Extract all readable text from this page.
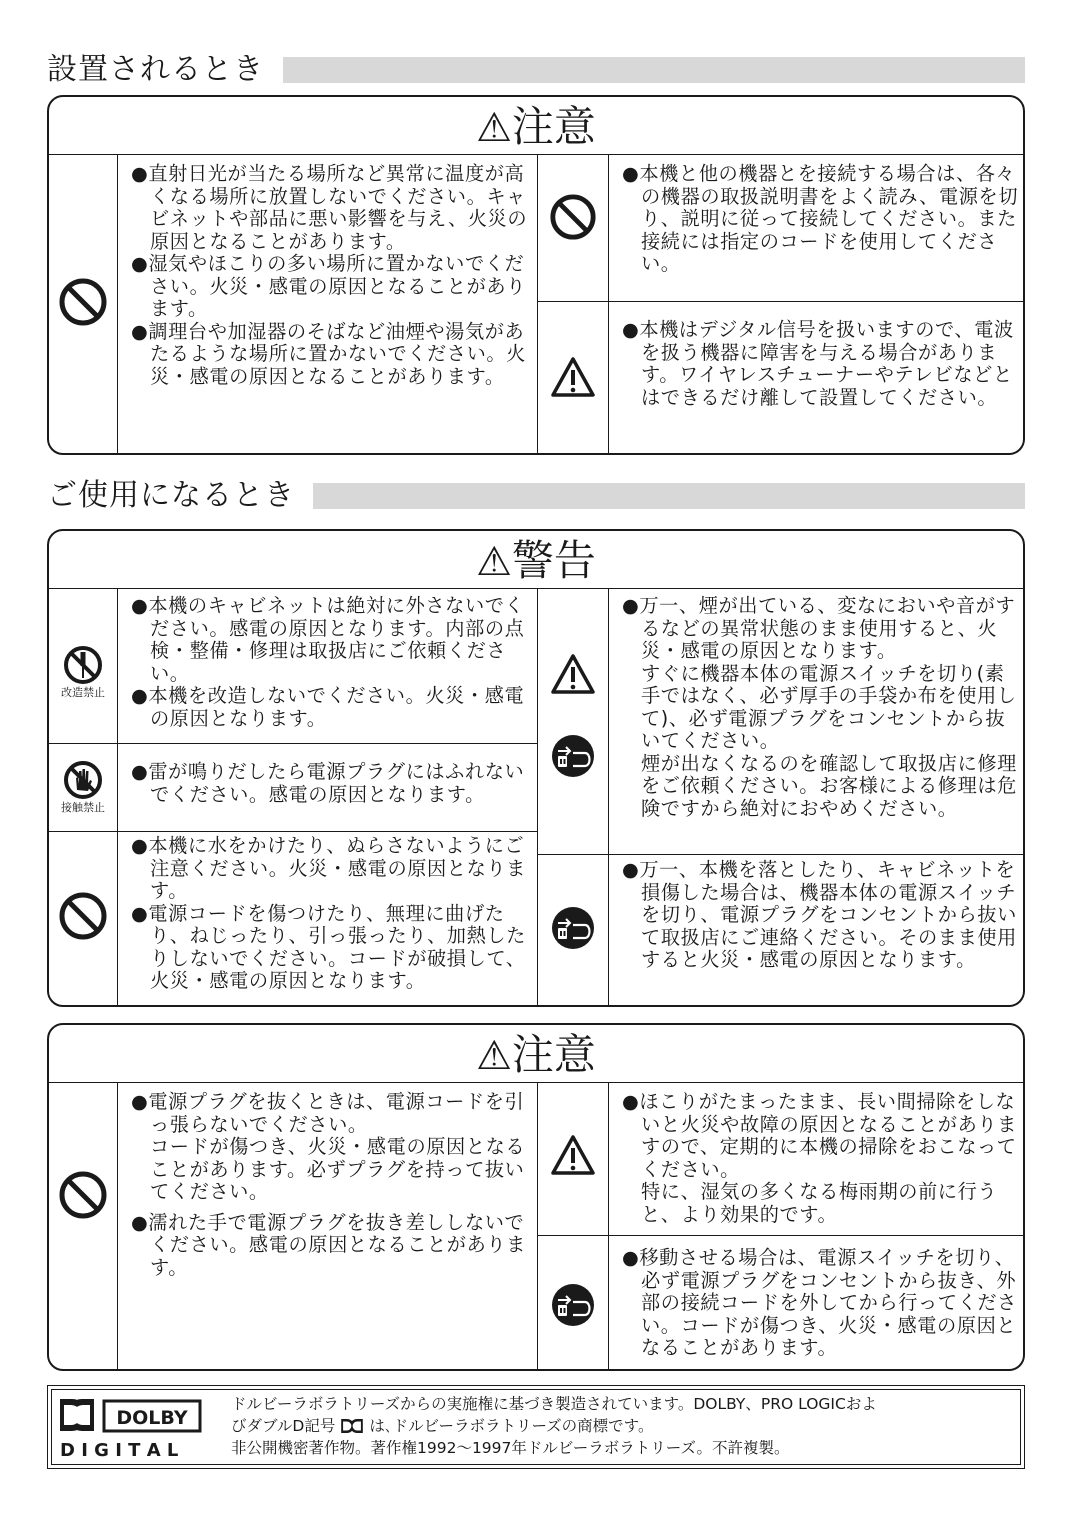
設置されるとき
⚠注意

●直射日光が当たる場所など異常に温度が高くなる場所に放置しないでください。キャビネットや部品に悪い影響を与え、火災の原因となることがあります。

●湿気やほこりの多い場所に置かないでください。火災・感電の原因となることがあります。

●調理台や加湿器のそばなど油煙や湯気があたるような場所に置かないでください。火災・感電の原因となることがあります。

●本機と他の機器とを接続する場合は、各々の機器の取扱説明書をよく読み、電源を切り、説明に従って接続してください。また接続には指定のコードを使用してください。

●本機はデジタル信号を扱いますので、電波を扱う機器に障害を与える場合があります。ワイヤレスチューナーやテレビなどとはできるだけ離して設置してください。

ご使用になるとき
⚠警告
改造禁止
接触禁止

●本機のキャビネットは絶対に外さないでください。感電の原因となります。内部の点検・整備・修理は取扱店にご依頼ください。

●本機を改造しないでください。火災・感電の原因となります。

●雷が鳴りだしたら電源プラグにはふれないでください。感電の原因となります。

●本機に水をかけたり、ぬらさないようにご注意ください。火災・感電の原因となります。

●電源コードを傷つけたり、無理に曲げたり、ねじったり、引っ張ったり、加熱したりしないでください。コードが破損して、火災・感電の原因となります。

●万一、煙が出ている、変なにおいや音がするなどの異常状態のまま使用すると、火災・感電の原因となります。

すぐに機器本体の電源スイッチを切り(素手ではなく、必ず厚手の手袋か布を使用して)、必ず電源プラグをコンセントから抜いてください。

煙が出なくなるのを確認して取扱店に修理をご依頼ください。お客様による修理は危険ですから絶対におやめください。

●万一、本機を落としたり、キャビネットを損傷した場合は、機器本体の電源スイッチを切り、電源プラグをコンセントから抜いて取扱店にご連絡ください。そのまま使用すると火災・感電の原因となります。

⚠注意

●電源プラグを抜くときは、電源コードを引っ張らないでください。

コードが傷つき、火災・感電の原因となることがあります。必ずプラグを持って抜いてください。

●濡れた手で電源プラグを抜き差ししないでください。感電の原因となることがあります。

●ほこりがたまったまま、長い間掃除をしないと火災や故障の原因となることがありますので、定期的に本機の掃除をおこなってください。

特に、湿気の多くなる梅雨期の前に行うと、より効果的です。

●移動させる場合は、電源スイッチを切り、必ず電源プラグをコンセントから抜き、外部の接続コードを外してから行ってください。コードが傷つき、火災・感電の原因となることがあります。

DOLBY
D I G I T A L
ドルビーラボラトリーズからの実施権に基づき製造されています。DOLBY、PRO LOGICおよ
びダブルD記号 は､ドルビーラボラトリーズの商標です。
非公開機密著作物。著作権1992～1997年ドルビーラボラトリーズ。不許複製。
